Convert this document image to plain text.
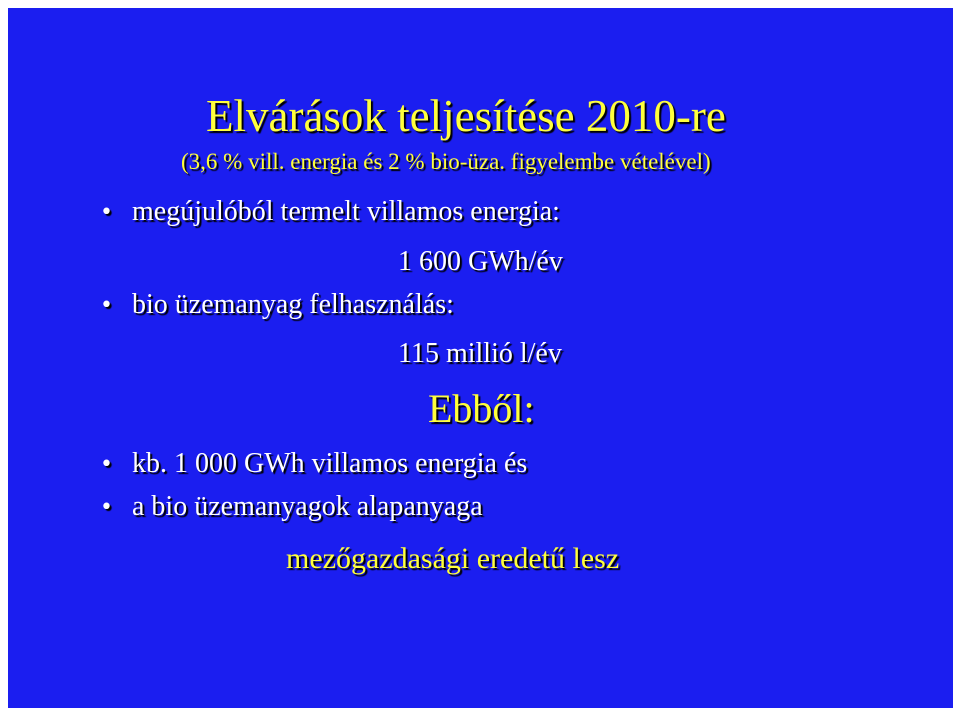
Elvárások teljesítése 2010-re
(3,6 % vill. energia és 2 % bio-üza. figyelembe vételével)
• megújulóból termelt villamos energia:
1 600 GWh/év
• bio üzemanyag felhasználás:
115 millió l/év
Ebből:
• kb. 1 000 GWh villamos energia és
• a bio üzemanyagok alapanyaga
mezőgazdasági eredetű lesz
